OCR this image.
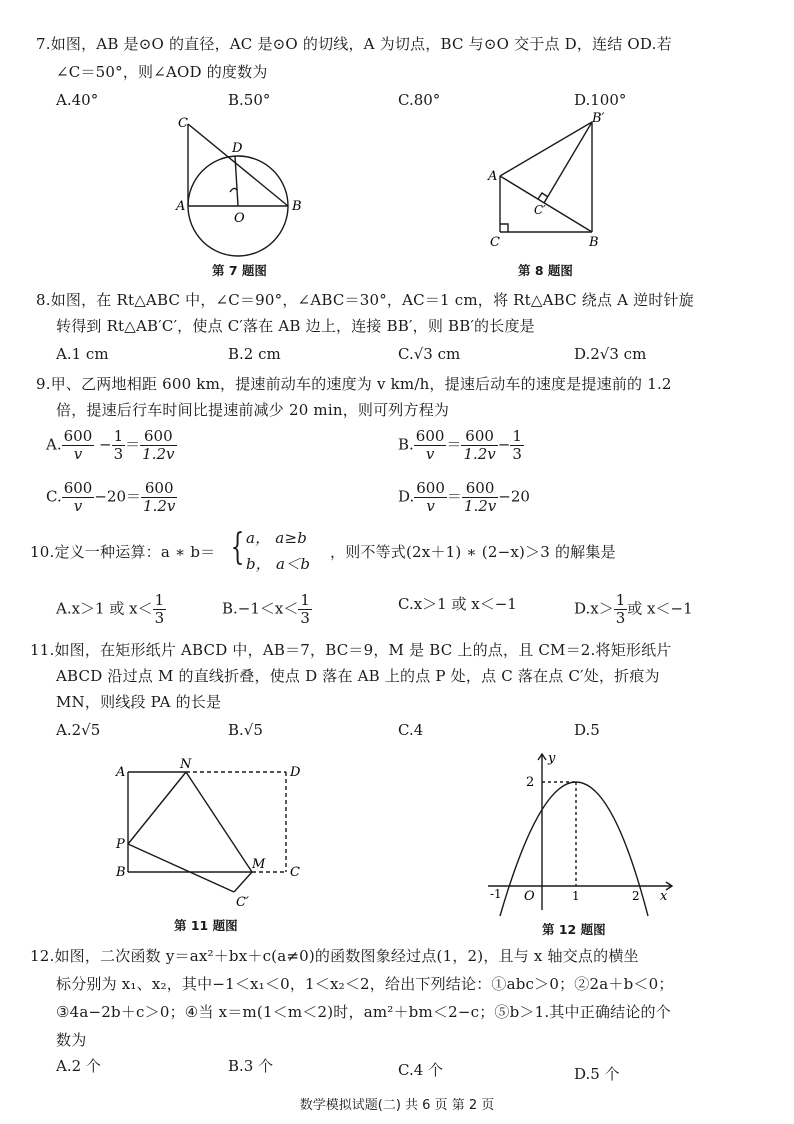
7.如图，AB 是⊙O 的直径，AC 是⊙O 的切线，A 为切点，BC 与⊙O 交于点 D，连结 OD.若
∠C＝50°，则∠AOD 的度数为
A.40°	B.50°	C.80°	D.100°
C
D
A
O
B
第 7 题图
B′
A
C′
C	B
第 8 题图
8.如图，在 Rt△ABC 中，∠C＝90°，∠ABC＝30°，AC＝1 cm，将 Rt△ABC 绕点 A 逆时针旋
转得到 Rt△AB′C′，使点 C′落在 AB 边上，连接 BB′，则 BB′的长度是
A.1 cm	B.2 cm	C.√3 cm	D.2√3 cm
9.甲、乙两地相距 600 km，提速前动车的速度为 v km/h，提速后动车的速度是提速前的 1.2
倍，提速后行车时间比提速前减少 20 min，则可列方程为
A. $\frac{600}{v} - \frac{1}{3} = \frac{600}{1.2v}$	B. $\frac{600}{v} = \frac{600}{1.2v} - \frac{1}{3}$
C. $\frac{600}{v} -20= \frac{600}{1.2v}$	D. $\frac{600}{v} = \frac{600}{1.2v} -20$
10.定义一种运算：a ∗ b＝ { a， a≥b
b， a＜b
，则不等式(2x＋1) ∗ (2−x)＞3 的解集是
A.x＞1 或 $x< \frac{1}{3}$	$B.-1<x< \frac{1}{3}$	C.x＞1 或 x＜−1	$D.x> \frac{1}{3}$ 或 x＜−1
11.如图，在矩形纸片 ABCD 中，AB＝7，BC＝9，M 是 BC 上的点，且 CM＝2.将矩形纸片
ABCD 沿过点 M 的直线折叠，使点 D 落在 AB 上的点 P 处，点 C 落在点 C′处，折痕为
MN，则线段 PA 的长是
A.2√5	B.√5	C.4	D.5
A
N
D
P
M
B	C
C′
第 11 题图
y
2
-1 O	1	2 x
第 12 题图
12.如图，二次函数 y＝ax²＋bx＋c(a≠0)的函数图象经过点(1，2)，且与 x 轴交点的横坐
标分别为 x₁、x₂，其中−1＜x₁＜0，1＜x₂＜2，给出下列结论：①abc＞0；②2a＋b＜0；
③4a−2b＋c＞0；④当 x＝m(1＜m＜2)时，am²＋bm＜2−c；⑤b＞1.其中正确结论的个
数为
A.2 个	B.3 个	C.4 个	D.5 个
数学模拟试题(二) 共 6 页 第 2 页
